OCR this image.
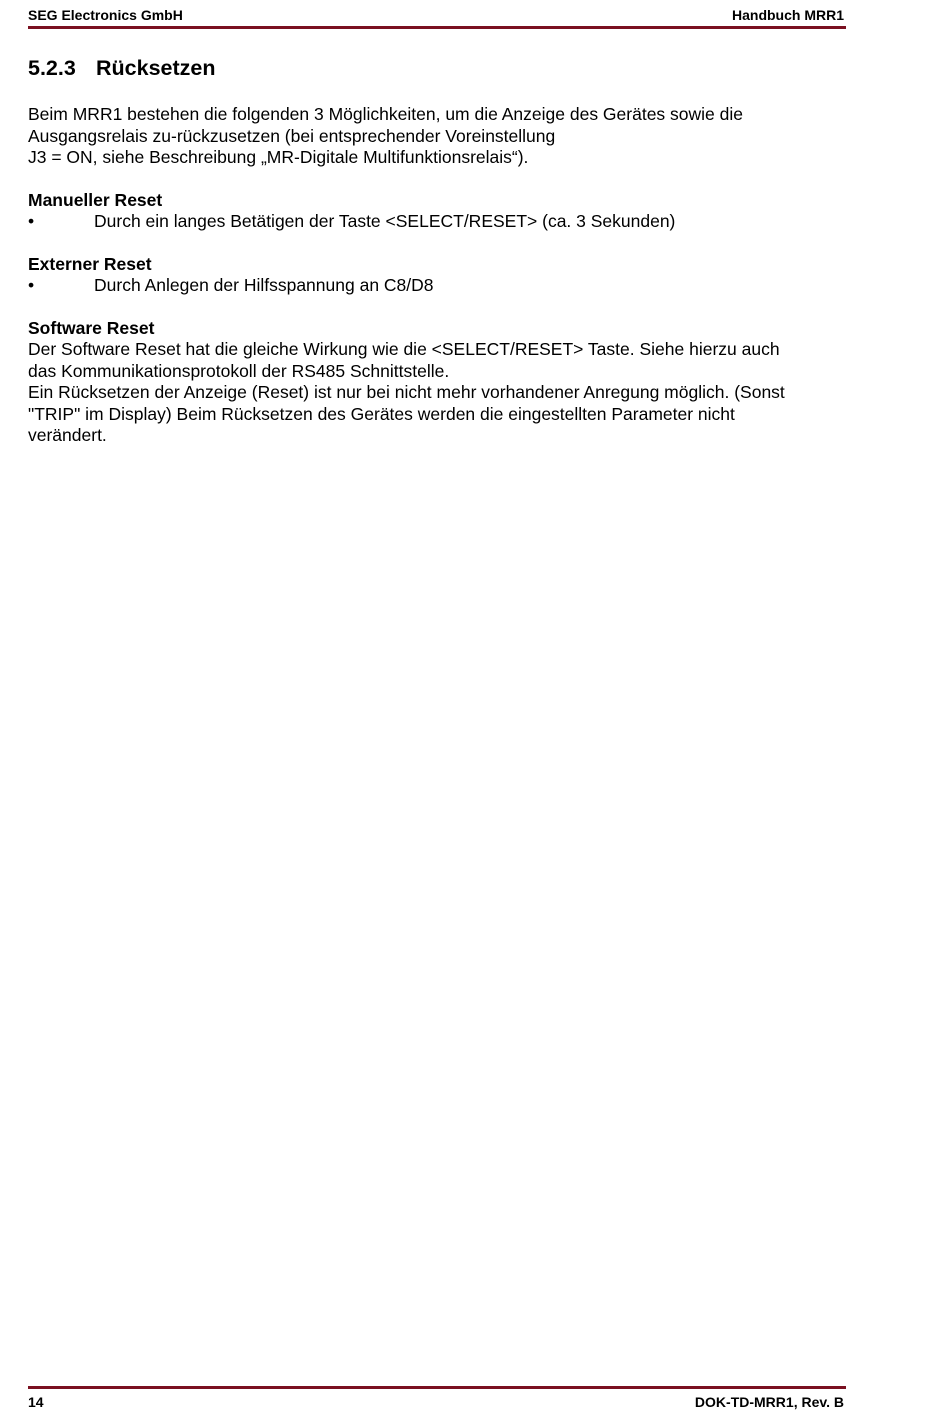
SEG Electronics GmbH	Handbuch MRR1
5.2.3 Rücksetzen

Beim MRR1 bestehen die folgenden 3 Möglichkeiten, um die Anzeige des Gerätes sowie die

Ausgangsrelais zu-rückzusetzen (bei entsprechender Voreinstellung

J3 = ON, siehe Beschreibung „MR-Digitale Multifunktionsrelais“).

Manueller Reset

•	Durch ein langes Betätigen der Taste <SELECT/RESET> (ca. 3 Sekunden)

Externer Reset

•	Durch Anlegen der Hilfsspannung an C8/D8

Software Reset

Der Software Reset hat die gleiche Wirkung wie die <SELECT/RESET> Taste. Siehe hierzu auch

das Kommunikationsprotokoll der RS485 Schnittstelle.

Ein Rücksetzen der Anzeige (Reset) ist nur bei nicht mehr vorhandener Anregung möglich. (Sonst

"TRIP" im Display) Beim Rücksetzen des Gerätes werden die eingestellten Parameter nicht

verändert.

14	DOK-TD-MRR1, Rev. B
